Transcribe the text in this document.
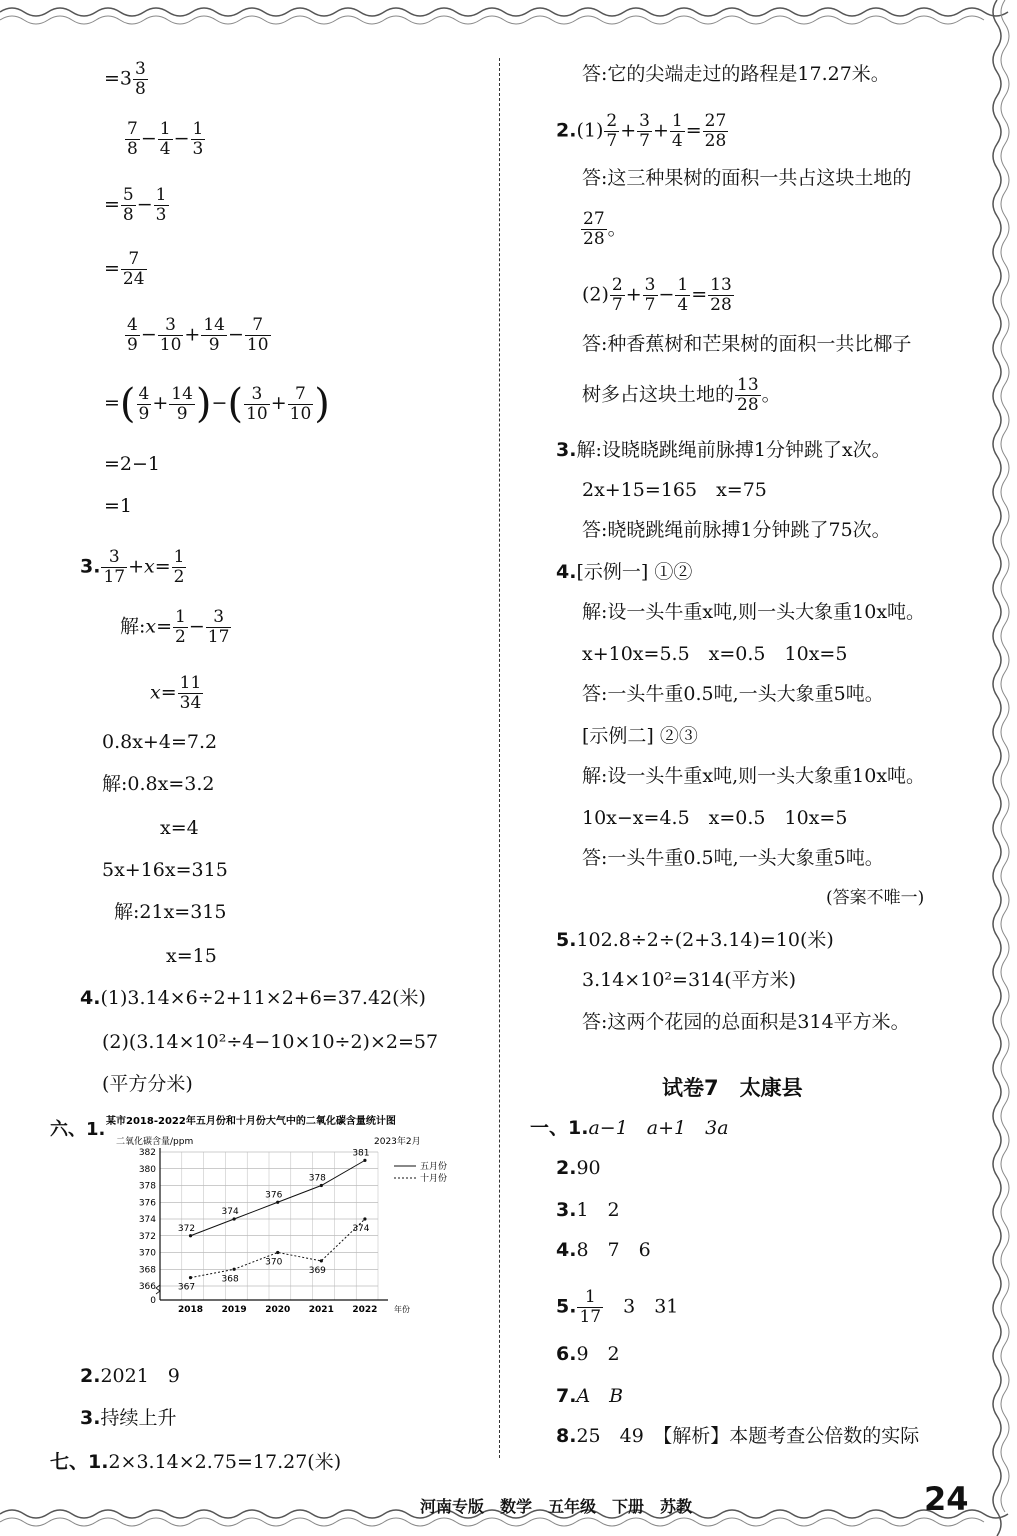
$=3 \frac{3}{8}$
$\frac{7}{8} - \frac{1}{4} - \frac{1}{3}$
= $\frac{5}{8} - \frac{1}{3}$
= $\frac{7}{24}$
$\frac{4}{9} - \frac{3}{10} + \frac{14}{9} - \frac{7}{10}$
=( $\frac{4}{9} + \frac{14}{9}$ )−( $\frac{3}{10} + \frac{7}{10}$ )
=2−1
=1
3. $\frac{3}{17} +x= \frac{1}{2}$
解:x= $\frac{1}{2} - \frac{3}{17}$
$x= \frac{11}{34}$
0.8x+4=7.2
解:0.8x=3.2
x=4
5x+16x=315
解:21x=315
x=15
4.(1)3.14×6÷2+11×2+6=37.42(米)
(2)(3.14×10²÷4−10×10÷2)×2=57
(平方分米)
六、1. 某市2018-2022年五月份和十月份大气中的二氧化碳含量统计图
二氧化碳含量/ppm	2023年2月
0
366
368
370
372
374
376
378
380
382
2018 2019 2020 2021 2022 年份
372
374
376
378
381
五月份
367
368
370
369
374
十月份
2.2021　9
3.持续上升
七、1.2×3.14×2.75=17.27(米)
答:它的尖端走过的路程是17.27米。
$2.(1) \frac{2}{7} + \frac{3}{7} + \frac{1}{4} = \frac{27}{28}$
答:这三种果树的面积一共占这块土地的
$\frac{27}{28}$ 。
$(2) \frac{2}{7} + \frac{3}{7} - \frac{1}{4} = \frac{13}{28}$
答:种香蕉树和芒果树的面积一共比椰子
树多占这块土地的 $\frac{13}{28}$ 。
3.解:设晓晓跳绳前脉搏1分钟跳了x次。
2x+15=165　x=75
答:晓晓跳绳前脉搏1分钟跳了75次。
4.[示例一] ①②
解:设一头牛重x吨,则一头大象重10x吨。
x+10x=5.5　x=0.5　10x=5
答:一头牛重0.5吨,一头大象重5吨。
[示例二] ②③
解:设一头牛重x吨,则一头大象重10x吨。
10x−x=4.5　x=0.5　10x=5
答:一头牛重0.5吨,一头大象重5吨。
(答案不唯一)
5.102.8÷2÷(2+3.14)=10(米)
3.14×10²=314(平方米)
答:这两个花园的总面积是314平方米。
试卷7　太康县
一、1.a−1　a+1　3a
2.90
3.1　2
4.8　7　6
5. $\frac{1}{17}$
　 3　31
6.9　2
7.A　B
8.25　49　【解析】本题考查公倍数的实际
河南专版　数学　五年级　下册　苏教	24
